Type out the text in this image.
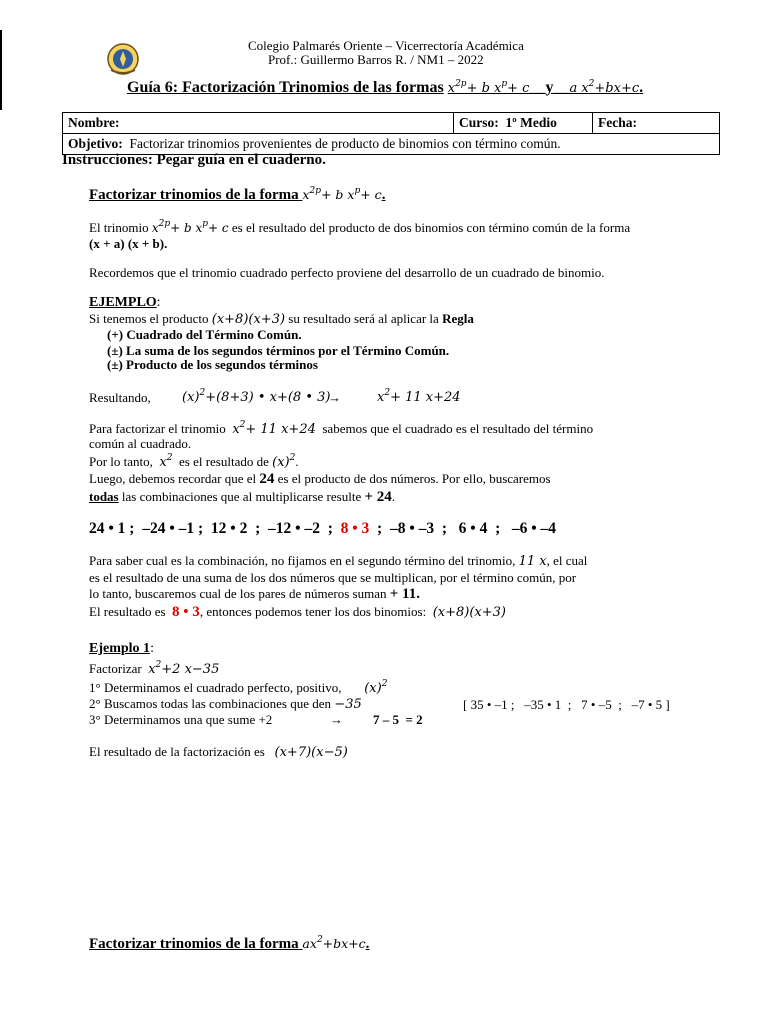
Colegio Palmarés Oriente – Vicerrectoría Académica
Prof.: Guillermo Barros R. / NM1 – 2022
Guía 6: Factorización Trinomios de las formas $x^{2p}+ b$ $x^p+$ c__y__a $x^2+bx+c$.
Nombre:	Curso: 1º Medio	Fecha:
Objetivo: Factorizar trinomios provenientes de producto de binomios con término común.
Instrucciones: Pegar guía en el cuaderno.
Factorizar trinomios de la forma $x^{2p}+ b$ $x^p+ c$.
El trinomio $x^{2p}+ b$ $x^p+ c$ es el resultado del producto de dos binomios con término común de la forma
(x + a) (x + b).
Recordemos que el trinomio cuadrado perfecto proviene del desarrollo de un cuadrado de binomio.
EJEMPLO:
Si tenemos el producto (x+8)(x+3) su resultado será al aplicar la Regla
(+) Cuadrado del Término Común.
(±) La suma de los segundos términos por el Término Común.
(±) Producto de los segundos términos
Resultando, $(x)^2+(8+3)$ • x+(8 • 3)
→	$x^2+ 11$ x+24
Para factorizar el trinomio $x^2+ 11$ x+24 sabemos que el cuadrado es el resultado del término
común al cuadrado.
Por lo tanto, $x^2$ es el resultado de $(x)^2$.
Luego, debemos recordar que el 24 es el producto de dos números. Por ello, buscaremos
todas las combinaciones que al multiplicarse resulte + 24.
24 • 1 ;  –24 • –1 ;  12 • 2  ;  –12 • –2  ; 8 • 3 ;  –8 • –3  ;   6 • 4  ;   –6 • –4
Para saber cual es la combinación, no fijamos en el segundo término del trinomio, 11 x, el cual
es el resultado de una suma de los dos números que se multiplican, por el término común, por
lo tanto, buscaremos cual de los pares de números suman + 11.
El resultado es 8 • 3, entonces podemos tener los dos binomios: (x+8)(x+3)
Ejemplo 1:
Factorizar $x^2+2$ x−35
1° Determinamos el cuadrado perfecto, positivo, $(x)^2$
2° Buscamos todas las combinaciones que den −35	[ 35 • –1 ;   –35 • 1  ;   7 • –5  ;   –7 • 5 ]
3° Determinamos una que sume +2	→ 7 – 5  = 2
El resultado de la factorización es (x+7)(x−5)
Factorizar trinomios de la forma $ax^2+bx+c$.
